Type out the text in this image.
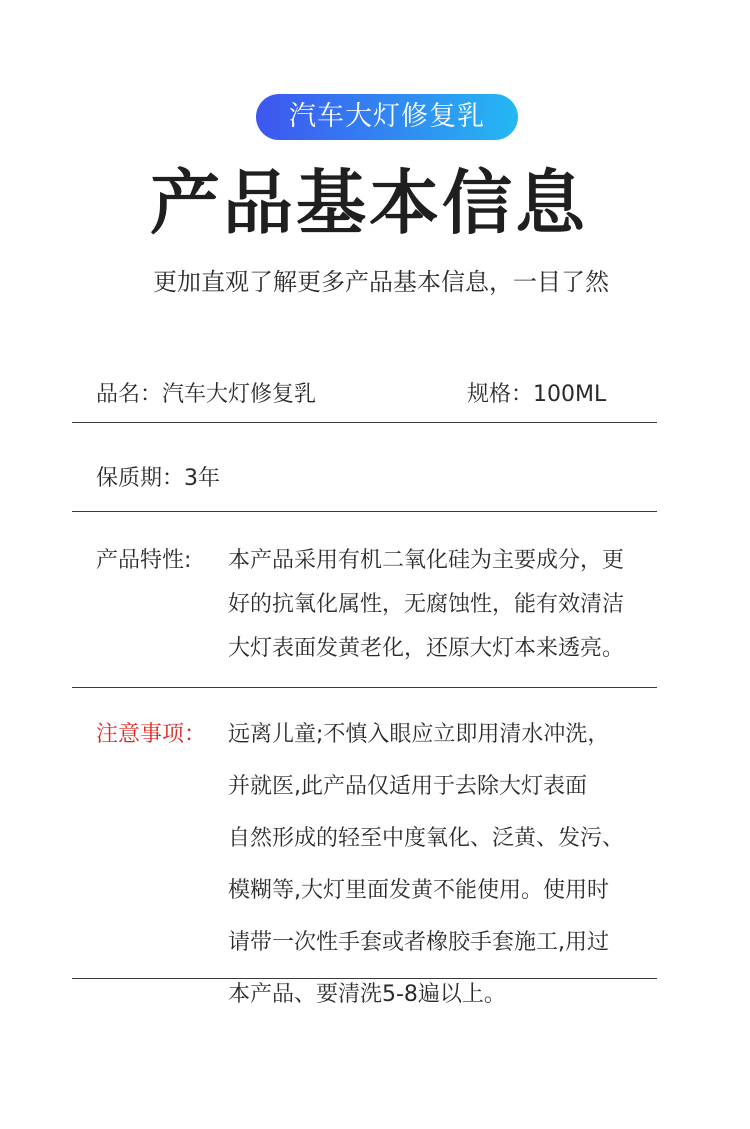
汽车大灯修复乳
产品基本信息
更加直观了解更多产品基本信息，一目了然
品名：汽车大灯修复乳	规格：100ML
保质期：3年
产品特性: 本产品采用有机二氧化硅为主要成分，更
好的抗氧化属性，无腐蚀性，能有效清洁
大灯表面发黄老化，还原大灯本来透亮。
注意事项： 远离儿童;不慎入眼应立即用清水冲洗，
并就医,此产品仅适用于去除大灯表面
自然形成的轻至中度氧化、泛黄、发污、
模糊等,大灯里面发黄不能使用。使用时
请带一次性手套或者橡胶手套施工,用过
本产品、要清洗5-8遍以上。
